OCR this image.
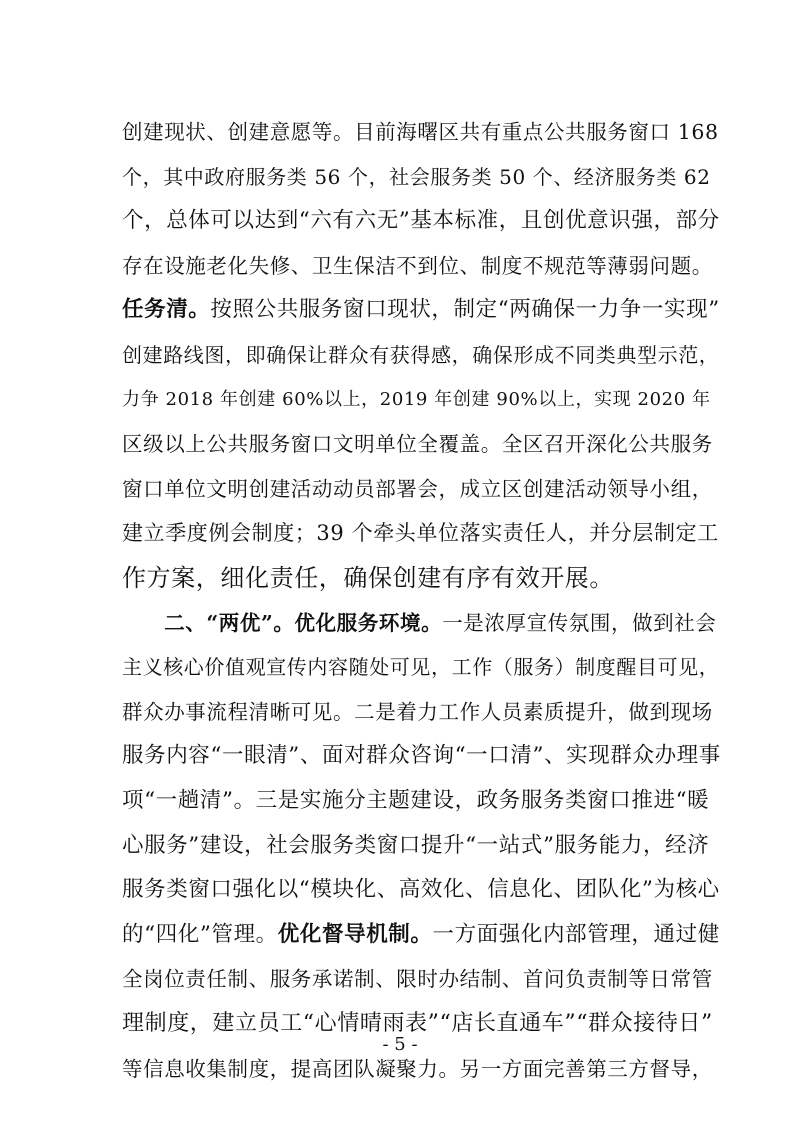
创建现状、创建意愿等。目前海曙区共有重点公共服务窗口 168
个，其中政府服务类 56 个，社会服务类 50 个、经济服务类 62
个，总体可以达到“六有六无”基本标准，且创优意识强，部分
存在设施老化失修、卫生保洁不到位、制度不规范等薄弱问题。
任务清。按照公共服务窗口现状，制定“两确保一力争一实现”
创建路线图，即确保让群众有获得感，确保形成不同类典型示范，
力争 2018 年创建 60%以上，2019 年创建 90%以上，实现 2020 年
区级以上公共服务窗口文明单位全覆盖。全区召开深化公共服务
窗口单位文明创建活动动员部署会，成立区创建活动领导小组，
建立季度例会制度；39 个牵头单位落实责任人，并分层制定工
作方案，细化责任，确保创建有序有效开展。
　　二、“两优”。优化服务环境。一是浓厚宣传氛围，做到社会
主义核心价值观宣传内容随处可见，工作（服务）制度醒目可见，
群众办事流程清晰可见。二是着力工作人员素质提升，做到现场
服务内容“一眼清”、面对群众咨询“一口清”、实现群众办理事
项“一趟清”。三是实施分主题建设，政务服务类窗口推进“暖
心服务”建设，社会服务类窗口提升“一站式”服务能力，经济
服务类窗口强化以“模块化、高效化、信息化、团队化”为核心
的“四化”管理。优化督导机制。一方面强化内部管理，通过健
全岗位责任制、服务承诺制、限时办结制、首问负责制等日常管
理制度，建立员工“心情晴雨表”“店长直通车”“群众接待日”
等信息收集制度，提高团队凝聚力。另一方面完善第三方督导，
- 5 -
